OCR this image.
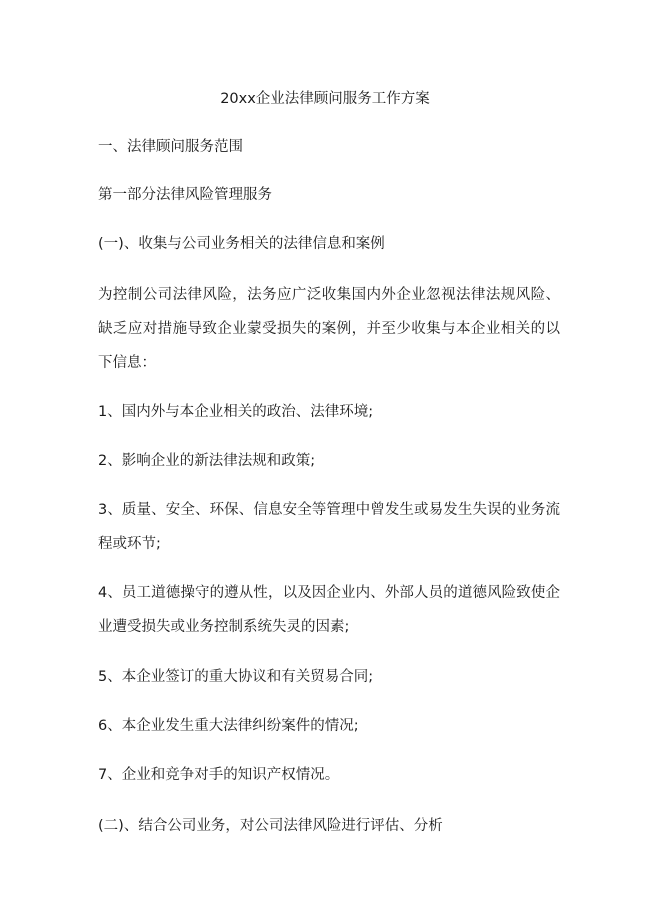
20xx企业法律顾问服务工作方案
一、法律顾问服务范围
第一部分法律风险管理服务
(一)、收集与公司业务相关的法律信息和案例
为控制公司法律风险，法务应广泛收集国内外企业忽视法律法规风险、缺乏应对措施导致企业蒙受损失的案例，并至少收集与本企业相关的以下信息：
1、国内外与本企业相关的政治、法律环境;
2、影响企业的新法律法规和政策;
3、质量、安全、环保、信息安全等管理中曾发生或易发生失误的业务流程或环节;
4、员工道德操守的遵从性，以及因企业内、外部人员的道德风险致使企业遭受损失或业务控制系统失灵的因素;
5、本企业签订的重大协议和有关贸易合同;
6、本企业发生重大法律纠纷案件的情况;
7、企业和竞争对手的知识产权情况。
(二)、结合公司业务，对公司法律风险进行评估、分析
